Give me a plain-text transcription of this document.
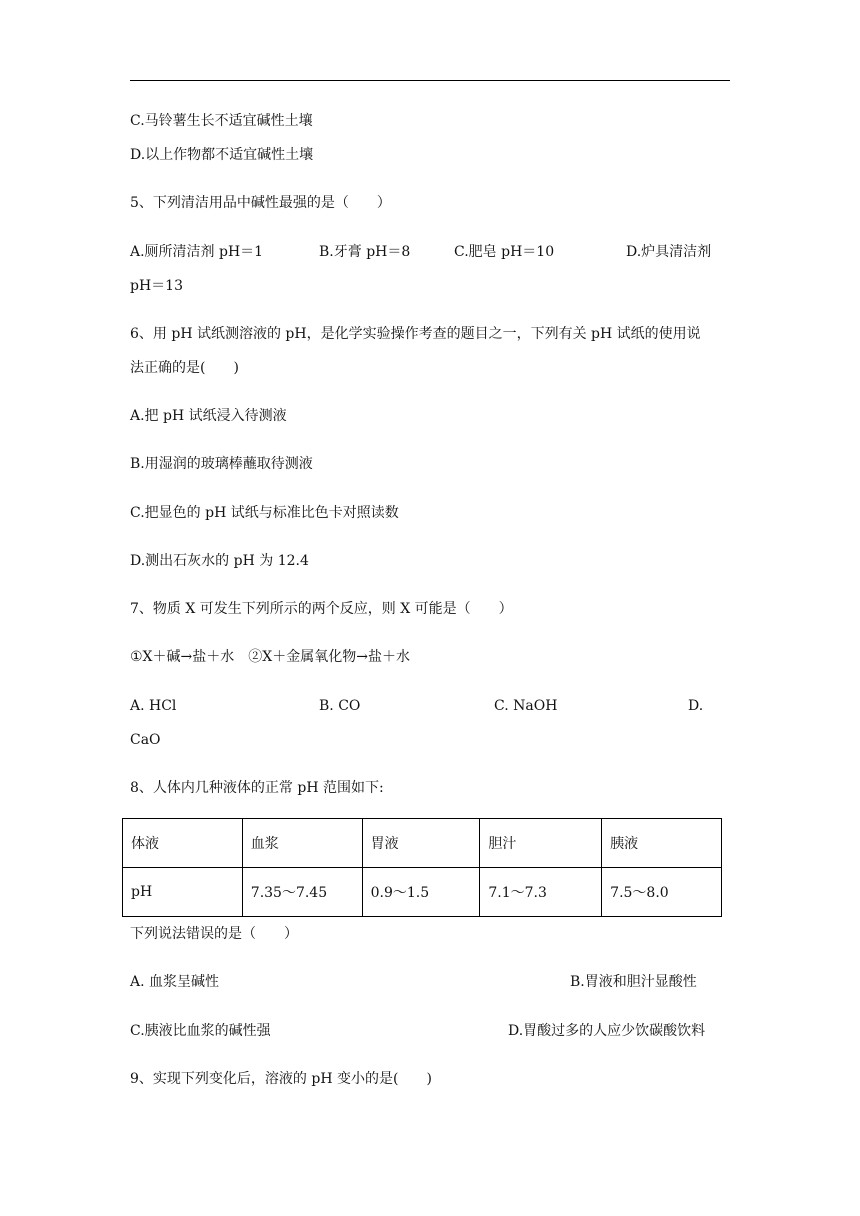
C.马铃薯生长不适宜碱性土壤
D.以上作物都不适宜碱性土壤
5、下列清洁用品中碱性最强的是（　　）
A.厕所清洁剂 pH＝1	B.牙膏 pH＝8	C.肥皂 pH＝10	D.炉具清洁剂
pH＝13
6、用 pH 试纸测溶液的 pH，是化学实验操作考查的题目之一，下列有关 pH 试纸的使用说
法正确的是(　　)
A.把 pH 试纸浸入待测液
B.用湿润的玻璃棒蘸取待测液
C.把显色的 pH 试纸与标准比色卡对照读数
D.测出石灰水的 pH 为 12.4
7、物质 X 可发生下列所示的两个反应，则 X 可能是（　　）
①X＋碱→盐＋水　②X＋金属氧化物→盐＋水
A. HCl	B. CO	C. NaOH	D.
CaO
8、人体内几种液体的正常 pH 范围如下:
体液	血浆	胃液	胆汁	胰液
pH	7.35～7.45	0.9～1.5	7.1～7.3	7.5～8.0
下列说法错误的是（　　）
A. 血浆呈碱性	B.胃液和胆汁显酸性
C.胰液比血浆的碱性强	D.胃酸过多的人应少饮碳酸饮料
9、实现下列变化后，溶液的 pH 变小的是(　　)
